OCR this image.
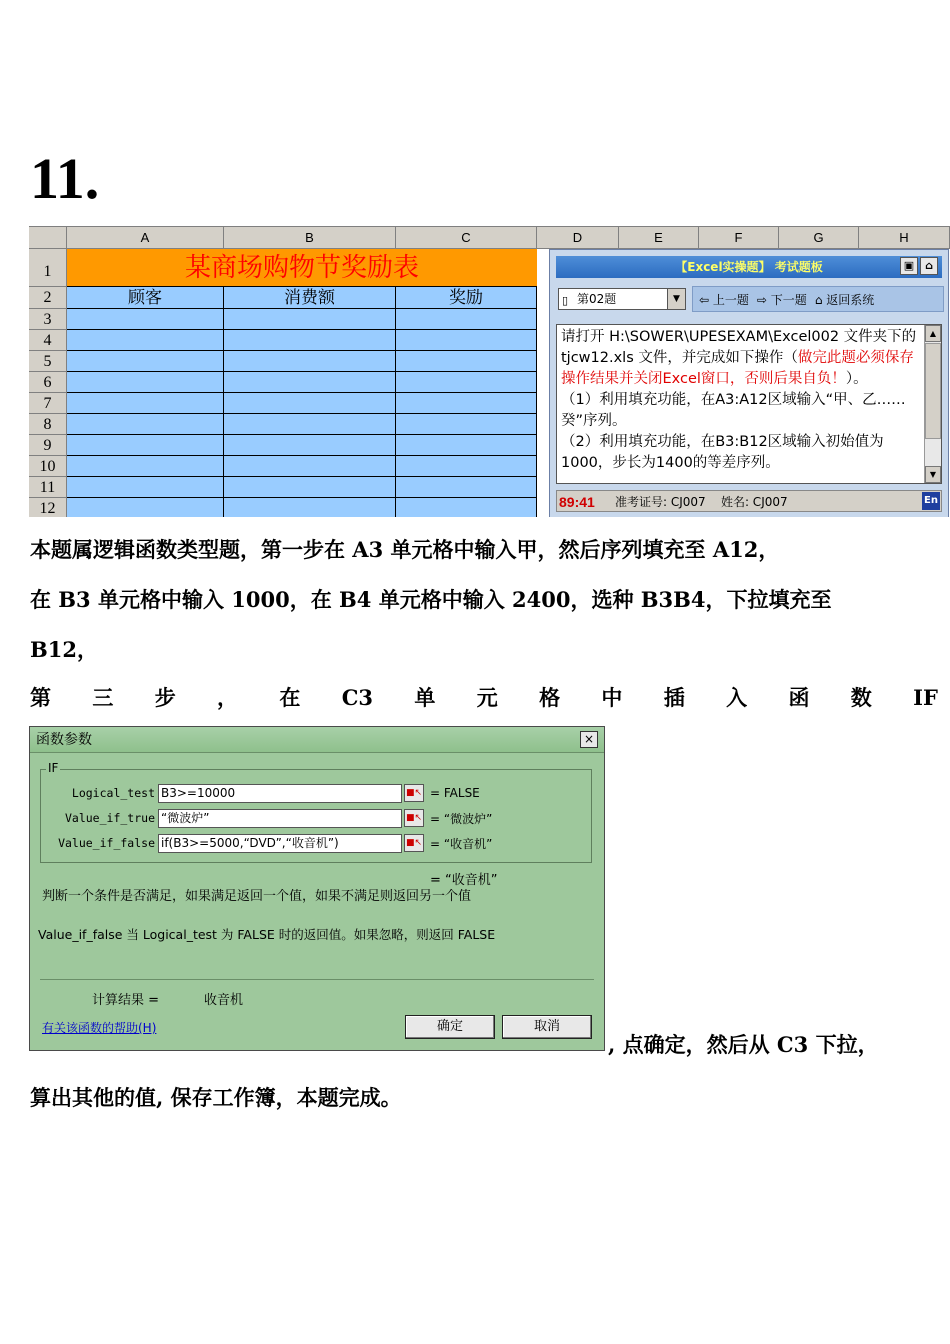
11.
A	B	C	D	E	F	G	H
1
2
3
4
5
6
7
8
9
10
11
12
某商场购物节奖励表
顾客	消费额	奖励
【Excel实操题】 考试题板	▣ ⌂
▯ 第02题	▼	⇦ 上一题 ⇨ 下一题 ⌂ 返回系统
请打开 H:\SOWER\UPESEXAM\Excel002 文件夹下的 tjcw12.xls 文件，并完成如下操作（做完此题必须保存操作结果并关闭Excel窗口，否则后果自负！）。
（1）利用填充功能，在A3:A12区域输入“甲、乙……癸”序列。
（2）利用填充功能，在B3:B12区域输入初始值为1000，步长为1400的等差序列。
▲
▼
89:41 准考证号: CJ007 姓名: CJ007	En
本题属逻辑函数类型题，第一步在 A3 单元格中输入甲，然后序列填充至 A12，
在 B3 单元格中输入 1000，在 B4 单元格中输入 2400，选种 B3B4，下拉填充至
B12，
第 三 步 ， 在 C3 单 元 格 中 插 入 函 数 IF
函数参数	×
IF
Logical_test B3>=10000	■↖ = FALSE
Value_if_true “微波炉”	■↖ = “微波炉”
Value_if_false if(B3>=5000,“DVD”,“收音机”)	■↖ = “收音机”
= “收音机”
判断一个条件是否满足，如果满足返回一个值，如果不满足则返回另一个值
Value_if_false 当 Logical_test 为 FALSE 时的返回值。如果忽略，则返回 FALSE
计算结果 =	收音机
有关该函数的帮助(H)	确定	取消
, 点确定，然后从 C3 下拉，
算出其他的值, 保存工作簿，本题完成。
